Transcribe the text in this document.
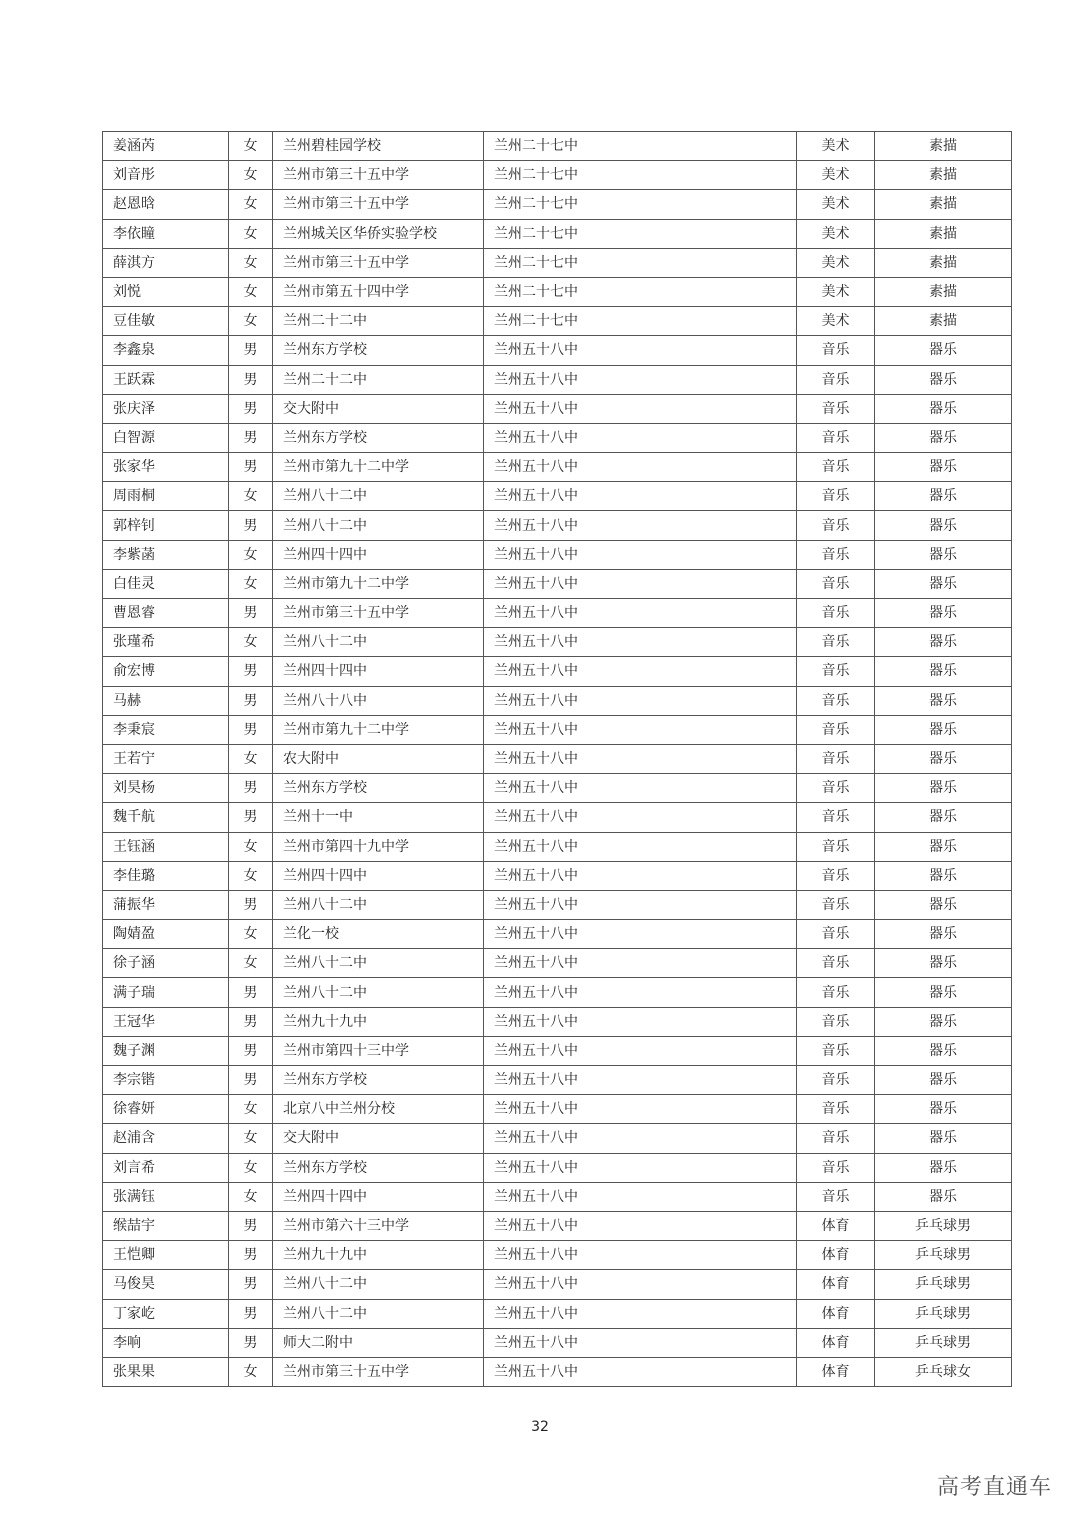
姜涵芮	女	兰州碧桂园学校	兰州二十七中	美术	素描
刘音彤	女	兰州市第三十五中学	兰州二十七中	美术	素描
赵恩晗	女	兰州市第三十五中学	兰州二十七中	美术	素描
李依瞳	女	兰州城关区华侨实验学校	兰州二十七中	美术	素描
薛淇方	女	兰州市第三十五中学	兰州二十七中	美术	素描
刘悦	女	兰州市第五十四中学	兰州二十七中	美术	素描
豆佳敏	女	兰州二十二中	兰州二十七中	美术	素描
李鑫泉	男	兰州东方学校	兰州五十八中	音乐	器乐
王跃霖	男	兰州二十二中	兰州五十八中	音乐	器乐
张庆泽	男	交大附中	兰州五十八中	音乐	器乐
白智源	男	兰州东方学校	兰州五十八中	音乐	器乐
张家华	男	兰州市第九十二中学	兰州五十八中	音乐	器乐
周雨桐	女	兰州八十二中	兰州五十八中	音乐	器乐
郭梓钊	男	兰州八十二中	兰州五十八中	音乐	器乐
李紫菡	女	兰州四十四中	兰州五十八中	音乐	器乐
白佳灵	女	兰州市第九十二中学	兰州五十八中	音乐	器乐
曹恩睿	男	兰州市第三十五中学	兰州五十八中	音乐	器乐
张瑾希	女	兰州八十二中	兰州五十八中	音乐	器乐
俞宏博	男	兰州四十四中	兰州五十八中	音乐	器乐
马赫	男	兰州八十八中	兰州五十八中	音乐	器乐
李秉宸	男	兰州市第九十二中学	兰州五十八中	音乐	器乐
王若宁	女	农大附中	兰州五十八中	音乐	器乐
刘昊杨	男	兰州东方学校	兰州五十八中	音乐	器乐
魏千航	男	兰州十一中	兰州五十八中	音乐	器乐
王钰涵	女	兰州市第四十九中学	兰州五十八中	音乐	器乐
李佳璐	女	兰州四十四中	兰州五十八中	音乐	器乐
蒲振华	男	兰州八十二中	兰州五十八中	音乐	器乐
陶婧盈	女	兰化一校	兰州五十八中	音乐	器乐
徐子涵	女	兰州八十二中	兰州五十八中	音乐	器乐
满子瑞	男	兰州八十二中	兰州五十八中	音乐	器乐
王冠华	男	兰州九十九中	兰州五十八中	音乐	器乐
魏子渊	男	兰州市第四十三中学	兰州五十八中	音乐	器乐
李宗锴	男	兰州东方学校	兰州五十八中	音乐	器乐
徐睿妍	女	北京八中兰州分校	兰州五十八中	音乐	器乐
赵浦含	女	交大附中	兰州五十八中	音乐	器乐
刘言希	女	兰州东方学校	兰州五十八中	音乐	器乐
张满钰	女	兰州四十四中	兰州五十八中	音乐	器乐
缑喆宇	男	兰州市第六十三中学	兰州五十八中	体育	乒乓球男
王恺卿	男	兰州九十九中	兰州五十八中	体育	乒乓球男
马俊昊	男	兰州八十二中	兰州五十八中	体育	乒乓球男
丁家屹	男	兰州八十二中	兰州五十八中	体育	乒乓球男
李响	男	师大二附中	兰州五十八中	体育	乒乓球男
张果果	女	兰州市第三十五中学	兰州五十八中	体育	乒乓球女
32
高考直通车
